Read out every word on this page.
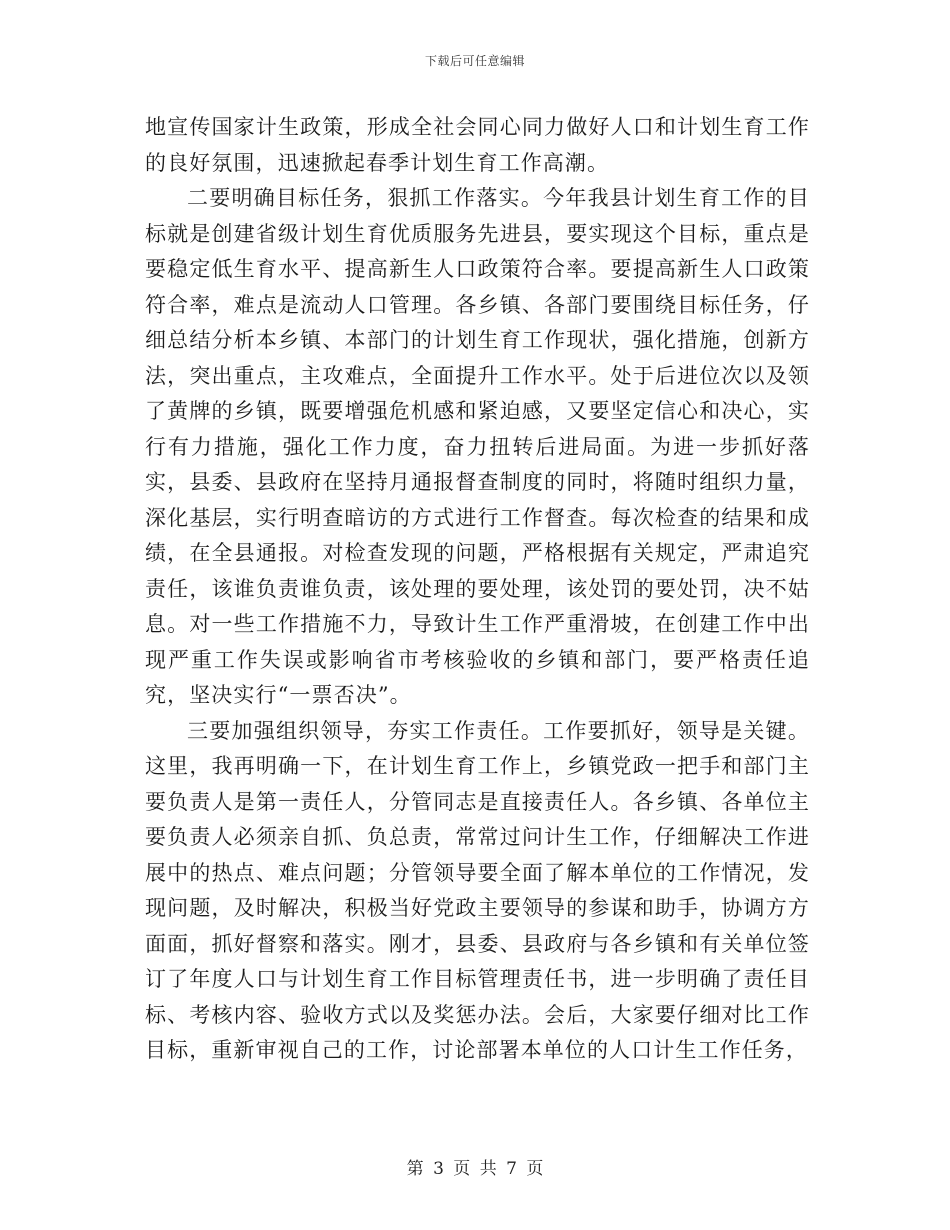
下载后可任意编辑

地宣传国家计生政策，形成全社会同心同力做好人口和计划生育工作的良好氛围，迅速掀起春季计划生育工作高潮。

二要明确目标任务，狠抓工作落实。今年我县计划生育工作的目标就是创建省级计划生育优质服务先进县，要实现这个目标，重点是要稳定低生育水平、提高新生人口政策符合率。要提高新生人口政策符合率，难点是流动人口管理。各乡镇、各部门要围绕目标任务，仔细总结分析本乡镇、本部门的计划生育工作现状，强化措施，创新方法，突出重点，主攻难点，全面提升工作水平。处于后进位次以及领了黄牌的乡镇，既要增强危机感和紧迫感，又要坚定信心和决心，实行有力措施，强化工作力度，奋力扭转后进局面。为进一步抓好落实，县委、县政府在坚持月通报督查制度的同时，将随时组织力量，深化基层，实行明查暗访的方式进行工作督查。每次检查的结果和成绩，在全县通报。对检查发现的问题，严格根据有关规定，严肃追究责任，该谁负责谁负责，该处理的要处理，该处罚的要处罚，决不姑息。对一些工作措施不力，导致计生工作严重滑坡，在创建工作中出现严重工作失误或影响省市考核验收的乡镇和部门，要严格责任追究，坚决实行“一票否决”。

三要加强组织领导，夯实工作责任。工作要抓好，领导是关键。这里，我再明确一下，在计划生育工作上，乡镇党政一把手和部门主要负责人是第一责任人，分管同志是直接责任人。各乡镇、各单位主要负责人必须亲自抓、负总责，常常过问计生工作，仔细解决工作进展中的热点、难点问题；分管领导要全面了解本单位的工作情况，发现问题，及时解决，积极当好党政主要领导的参谋和助手，协调方方面面，抓好督察和落实。刚才，县委、县政府与各乡镇和有关单位签订了年度人口与计划生育工作目标管理责任书，进一步明确了责任目标、考核内容、验收方式以及奖惩办法。会后，大家要仔细对比工作目标，重新审视自己的工作，讨论部署本单位的人口计生工作任务，

第 3 页 共 7 页
